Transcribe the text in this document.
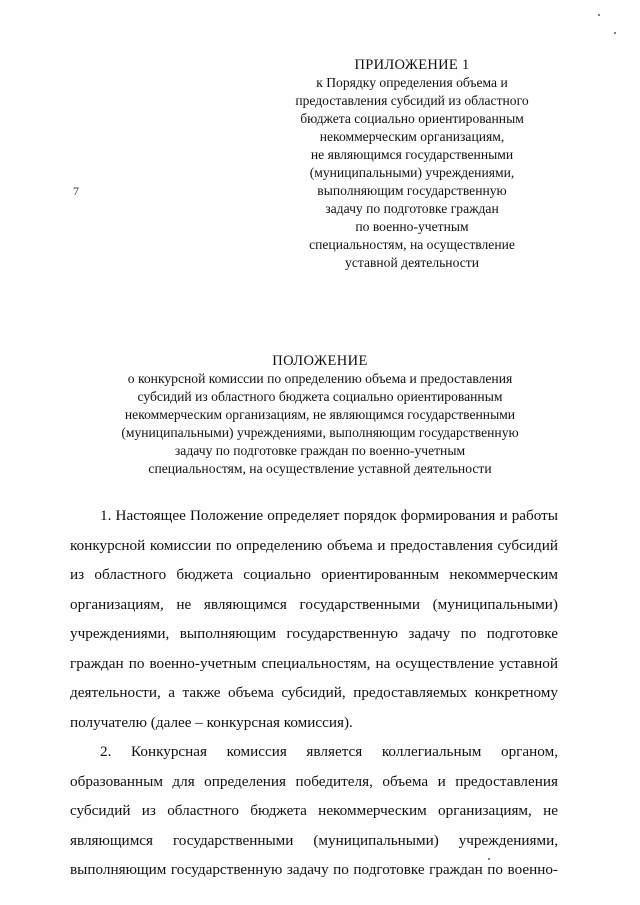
ПРИЛОЖЕНИЕ 1
к Порядку определения объема и
предоставления субсидий из областного
бюджета социально ориентированным
некоммерческим организациям,
не являющимся государственными
(муниципальными) учреждениями,
выполняющим государственную
задачу по подготовке граждан
по военно-учетным
специальностям, на осуществление
уставной деятельности
7
ПОЛОЖЕНИЕ
о конкурсной комиссии по определению объема и предоставления
субсидий из областного бюджета социально ориентированным
некоммерческим организациям, не являющимся государственными
(муниципальными) учреждениями, выполняющим государственную
задачу по подготовке граждан по военно-учетным
специальностям, на осуществление уставной деятельности
1. Настоящее Положение определяет порядок формирования и работы
конкурсной комиссии по определению объема и предоставления субсидий
из областного бюджета социально ориентированным некоммерческим
организациям, не являющимся государственными (муниципальными)
учреждениями, выполняющим государственную задачу по подготовке
граждан по военно-учетным специальностям, на осуществление уставной
деятельности, а также объема субсидий, предоставляемых конкретному
получателю (далее – конкурсная комиссия).
2. Конкурсная комиссия является коллегиальным органом,
образованным для определения победителя, объема и предоставления
субсидий из областного бюджета некоммерческим организациям, не
являющимся государственными (муниципальными) учреждениями,
выполняющим государственную задачу по подготовке граждан по военно-
